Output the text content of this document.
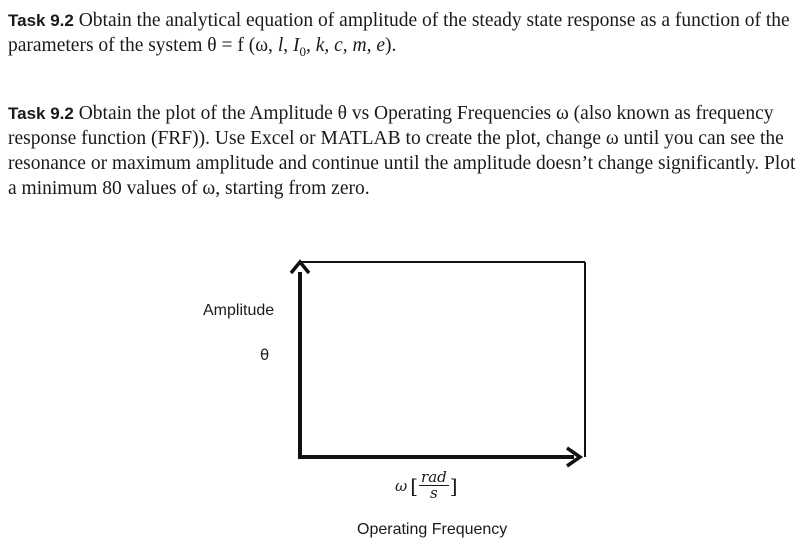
Task 9.2 Obtain the analytical equation of amplitude of the steady state response as a function of the parameters of the system θ = f (ω, l, $I_0$, k, c, m, e).

Task 9.2 Obtain the plot of the Amplitude θ vs Operating Frequencies ω (also known as frequency response function (FRF)). Use Excel or MATLAB to create the plot, change ω until you can see the resonance or maximum amplitude and continue until the amplitude doesn’t change significantly. Plot a minimum 80 values of ω, starting from zero.

Amplitude
θ
ω [ $\frac{\text{rad}}{s}$ ]
Operating Frequency
